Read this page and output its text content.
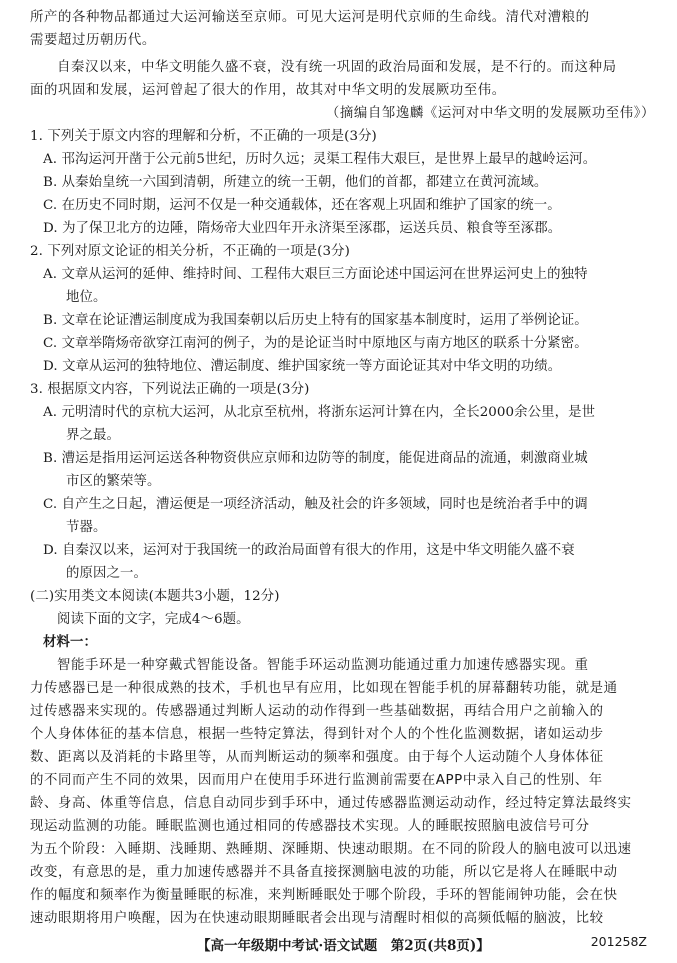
所产的各种物品都通过大运河输送至京师。可见大运河是明代京师的生命线。清代对漕粮的
需要超过历朝历代。
自秦汉以来，中华文明能久盛不衰，没有统一巩固的政治局面和发展，是不行的。而这种局
面的巩固和发展，运河曾起了很大的作用，故其对中华文明的发展厥功至伟。
（摘编自邹逸麟《运河对中华文明的发展厥功至伟》）
1. 下列关于原文内容的理解和分析，不正确的一项是(3分)
A. 邗沟运河开凿于公元前5世纪，历时久远；灵渠工程伟大艰巨，是世界上最早的越岭运河。
B. 从秦始皇统一六国到清朝，所建立的统一王朝，他们的首都，都建立在黄河流域。
C. 在历史不同时期，运河不仅是一种交通载体，还在客观上巩固和维护了国家的统一。
D. 为了保卫北方的边陲，隋炀帝大业四年开永济渠至涿郡，运送兵员、粮食等至涿郡。
2. 下列对原文论证的相关分析，不正确的一项是(3分)
A. 文章从运河的延伸、维持时间、工程伟大艰巨三方面论述中国运河在世界运河史上的独特
地位。
B. 文章在论证漕运制度成为我国秦朝以后历史上特有的国家基本制度时，运用了举例论证。
C. 文章举隋炀帝欲穿江南河的例子，为的是论证当时中原地区与南方地区的联系十分紧密。
D. 文章从运河的独特地位、漕运制度、维护国家统一等方面论证其对中华文明的功绩。
3. 根据原文内容，下列说法正确的一项是(3分)
A. 元明清时代的京杭大运河，从北京至杭州，将浙东运河计算在内，全长2000余公里，是世
界之最。
B. 漕运是指用运河运送各种物资供应京师和边防等的制度，能促进商品的流通，刺激商业城
市区的繁荣等。
C. 自产生之日起，漕运便是一项经济活动，触及社会的许多领域，同时也是统治者手中的调
节器。
D. 自秦汉以来，运河对于我国统一的政治局面曾有很大的作用，这是中华文明能久盛不衰
的原因之一。
(二)实用类文本阅读(本题共3小题，12分)
阅读下面的文字，完成4～6题。
材料一：
智能手环是一种穿戴式智能设备。智能手环运动监测功能通过重力加速传感器实现。重
力传感器已是一种很成熟的技术，手机也早有应用，比如现在智能手机的屏幕翻转功能，就是通
过传感器来实现的。传感器通过判断人运动的动作得到一些基础数据，再结合用户之前输入的
个人身体体征的基本信息，根据一些特定算法，得到针对个人的个性化监测数据，诸如运动步
数、距离以及消耗的卡路里等，从而判断运动的频率和强度。由于每个人运动随个人身体体征
的不同而产生不同的效果，因而用户在使用手环进行监测前需要在APP中录入自己的性别、年
龄、身高、体重等信息，信息自动同步到手环中，通过传感器监测运动动作，经过特定算法最终实
现运动监测的功能。睡眠监测也通过相同的传感器技术实现。人的睡眠按照脑电波信号可分
为五个阶段：入睡期、浅睡期、熟睡期、深睡期、快速动眼期。在不同的阶段人的脑电波可以迅速
改变，有意思的是，重力加速传感器并不具备直接探测脑电波的功能，所以它是将人在睡眠中动
作的幅度和频率作为衡量睡眠的标准，来判断睡眠处于哪个阶段，手环的智能闹钟功能，会在快
速动眼期将用户唤醒，因为在快速动眼期睡眠者会出现与清醒时相似的高频低幅的脑波，比较
【高一年级期中考试·语文试题　第2页(共8页)】	201258Z
